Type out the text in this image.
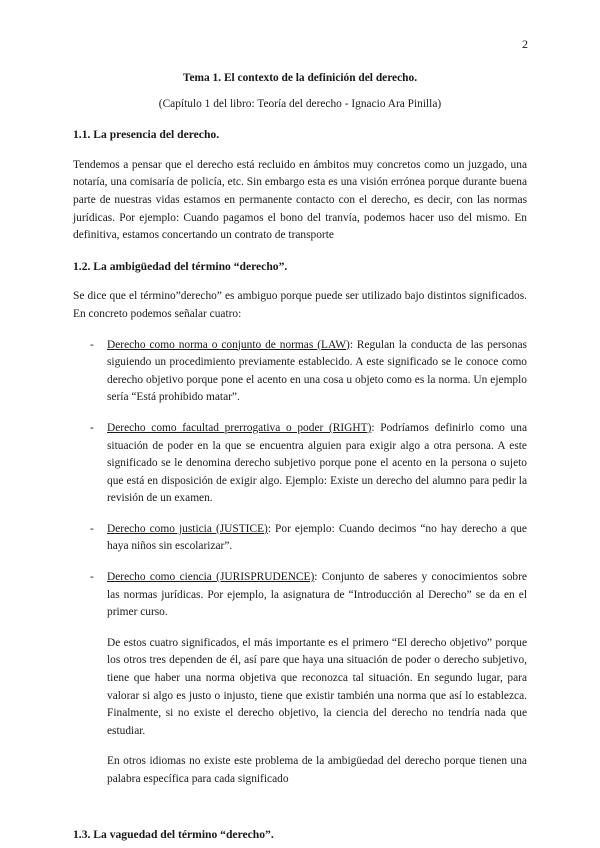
2

Tema 1. El contexto de la definición del derecho.

(Capítulo 1 del libro: Teoría del derecho - Ignacio Ara Pinilla)

1.1. La presencia del derecho.

Tendemos a pensar que el derecho está recluido en ámbitos muy concretos como un juzgado, una notaría, una comisaría de policía, etc. Sin embargo esta es una visión errónea porque durante buena parte de nuestras vidas estamos en permanente contacto con el derecho, es decir, con las normas jurídicas. Por ejemplo: Cuando pagamos el bono del tranvía, podemos hacer uso del mismo. En definitiva, estamos concertando un contrato de transporte

1.2. La ambigüedad del término “derecho”.

Se dice que el término”derecho” es ambiguo porque puede ser utilizado bajo distintos significados. En concreto podemos señalar cuatro:

- Derecho como norma o conjunto de normas (LAW): Regulan la conducta de las personas siguiendo un procedimiento previamente establecido. A este significado se le conoce como derecho objetivo porque pone el acento en una cosa u objeto como es la norma. Un ejemplo sería “Está prohibido matar”.
- Derecho como facultad prerrogativa o poder (RIGHT): Podríamos definirlo como una situación de poder en la que se encuentra alguien para exigir algo a otra persona. A este significado se le denomina derecho subjetivo porque pone el acento en la persona o sujeto que está en disposición de exigir algo. Ejemplo: Existe un derecho del alumno para pedir la revisión de un examen.
- Derecho como justicia (JUSTICE): Por ejemplo: Cuando decimos “no hay derecho a que haya niños sin escolarizar”.
- Derecho como ciencia (JURISPRUDENCE): Conjunto de saberes y conocimientos sobre las normas jurídicas. Por ejemplo, la asignatura de “Introducción al Derecho” se da en el primer curso.

De estos cuatro significados, el más importante es el primero “El derecho objetivo” porque los otros tres dependen de él, así pare que haya una situación de poder o derecho subjetivo, tiene que haber una norma objetiva que reconozca tal situación. En segundo lugar, para valorar si algo es justo o injusto, tiene que existir también una norma que así lo establezca. Finalmente, si no existe el derecho objetivo, la ciencia del derecho no tendría nada que estudiar.

En otros idiomas no existe este problema de la ambigüedad del derecho porque tienen una palabra específica para cada significado

1.3. La vaguedad del término “derecho”.
